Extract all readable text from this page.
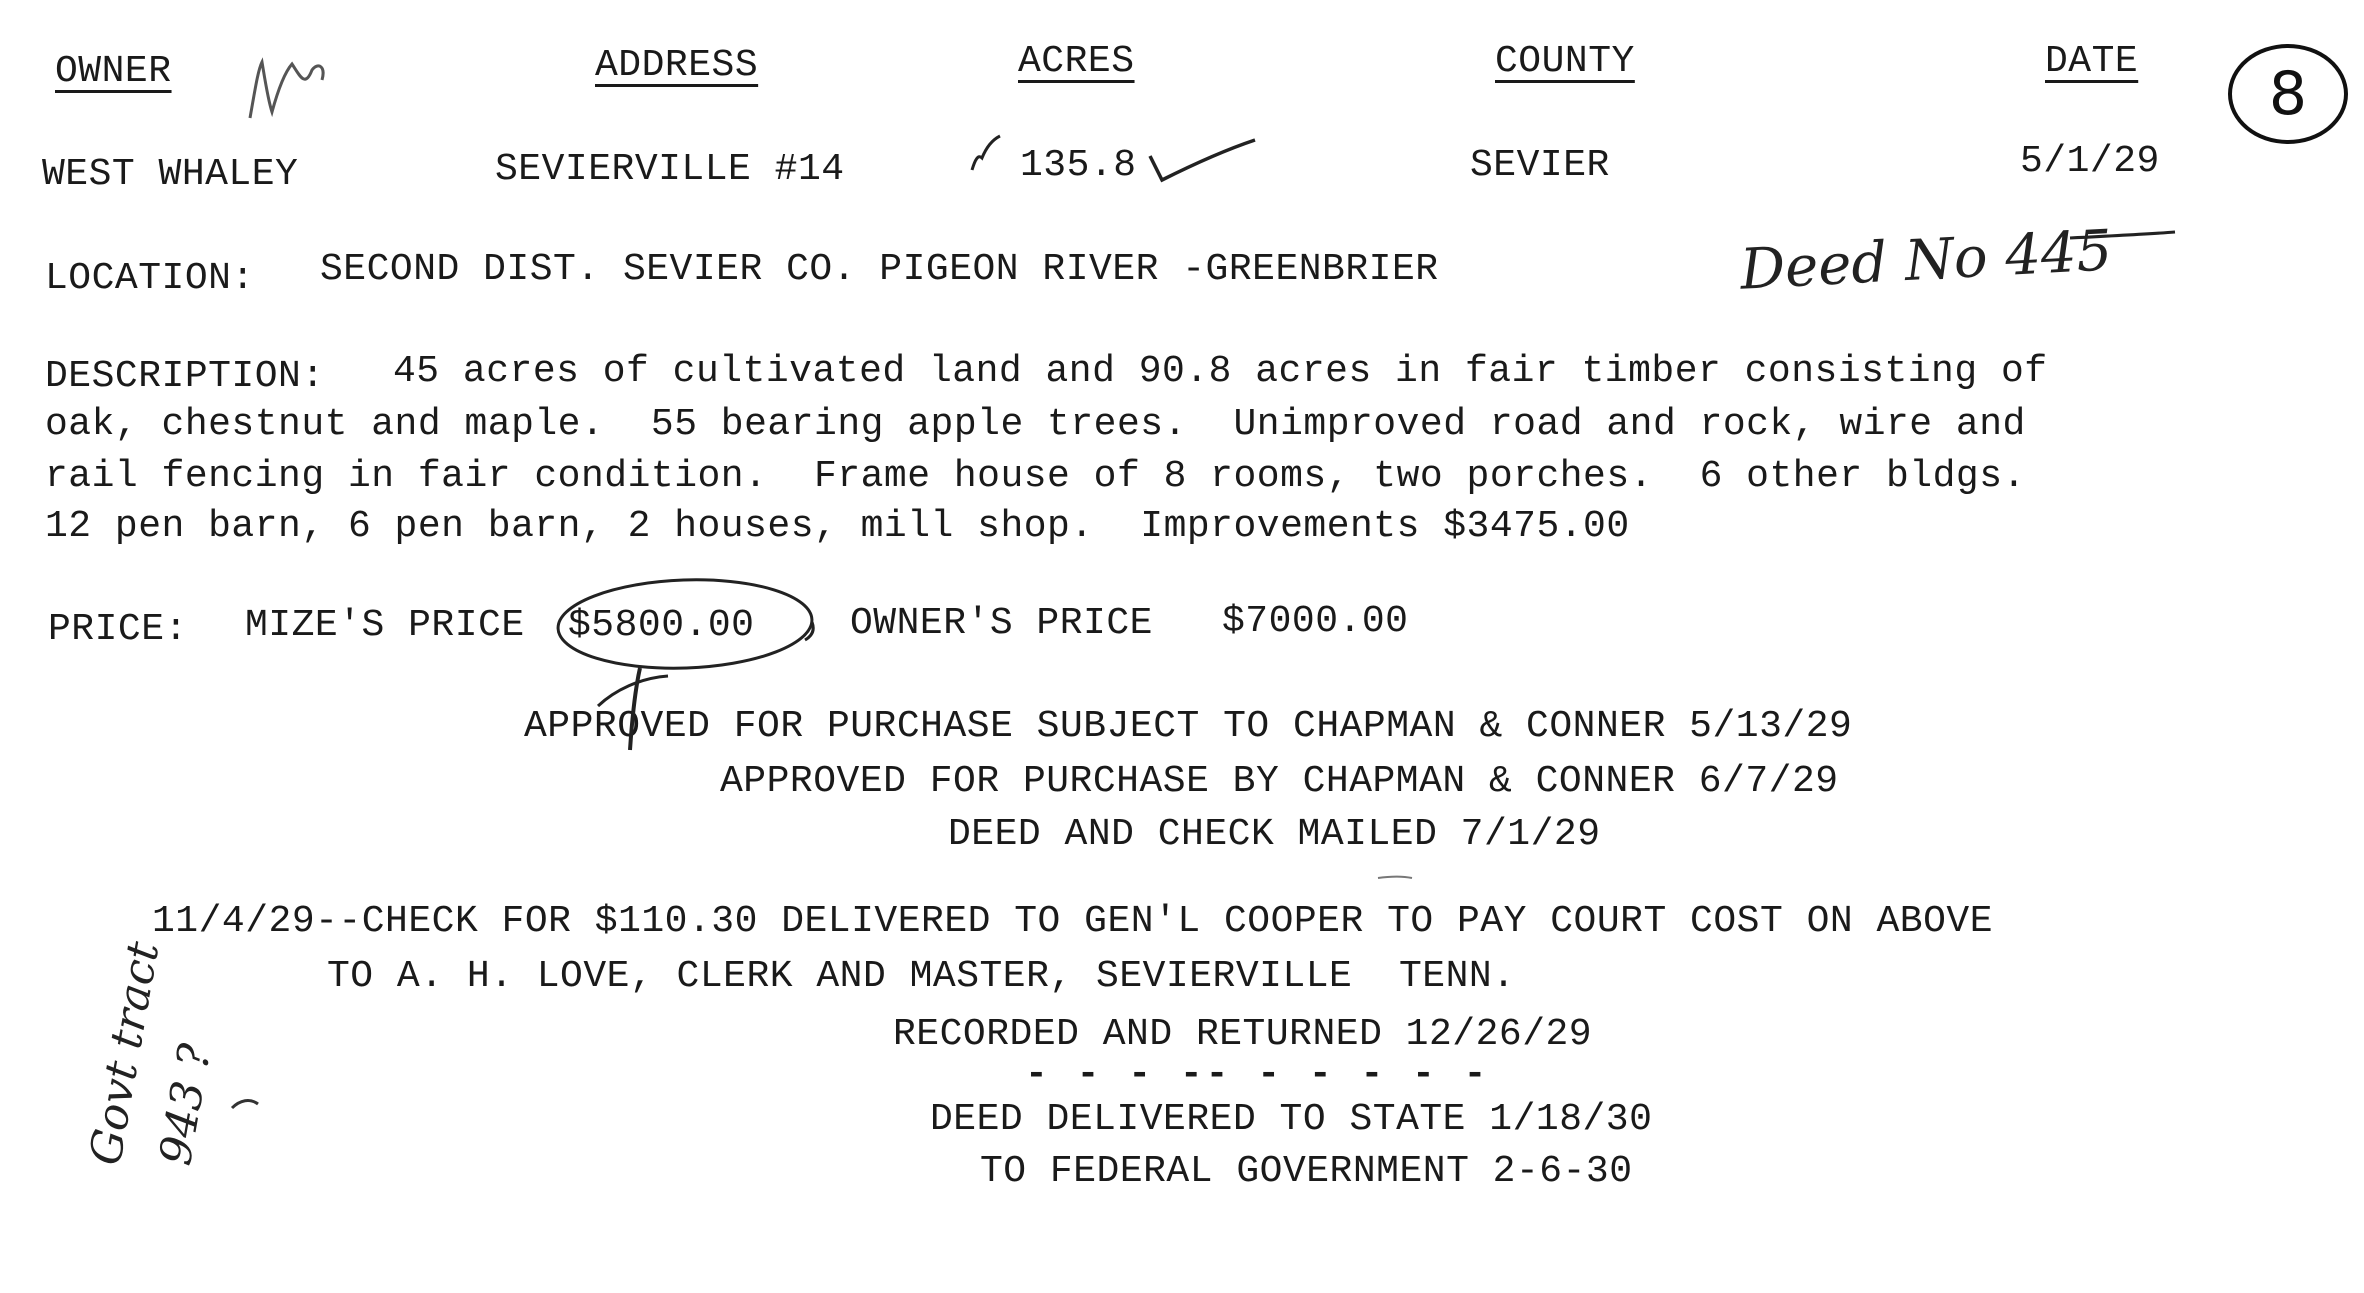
OWNER	ADDRESS	ACRES	COUNTY	DATE
WEST WHALEY	SEVIERVILLE #14	135.8	SEVIER	5/1/29
LOCATION: SECOND DIST. SEVIER CO. PIGEON RIVER -GREENBRIER	Deed No 445
DESCRIPTION: 45 acres of cultivated land and 90.8 acres in fair timber consisting of
oak, chestnut and maple.  55 bearing apple trees.  Unimproved road and rock, wire and
rail fencing in fair condition.  Frame house of 8 rooms, two porches.  6 other bldgs.
12 pen barn, 6 pen barn, 2 houses, mill shop.  Improvements $3475.00
PRICE: MIZE'S PRICE $5800.00	OWNER'S PRICE $7000.00
APPROVED FOR PURCHASE SUBJECT TO CHAPMAN & CONNER 5/13/29
APPROVED FOR PURCHASE BY CHAPMAN & CONNER 6/7/29
DEED AND CHECK MAILED 7/1/29
11/4/29--CHECK FOR $110.30 DELIVERED TO GEN'L COOPER TO PAY COURT COST ON ABOVE
TO A. H. LOVE, CLERK AND MASTER, SEVIERVILLE  TENN.
RECORDED AND RETURNED 12/26/29
- - - -- - - - - -
DEED DELIVERED TO STATE 1/18/30
TO FEDERAL GOVERNMENT 2-6-30
Govt tract
943 ?
8
